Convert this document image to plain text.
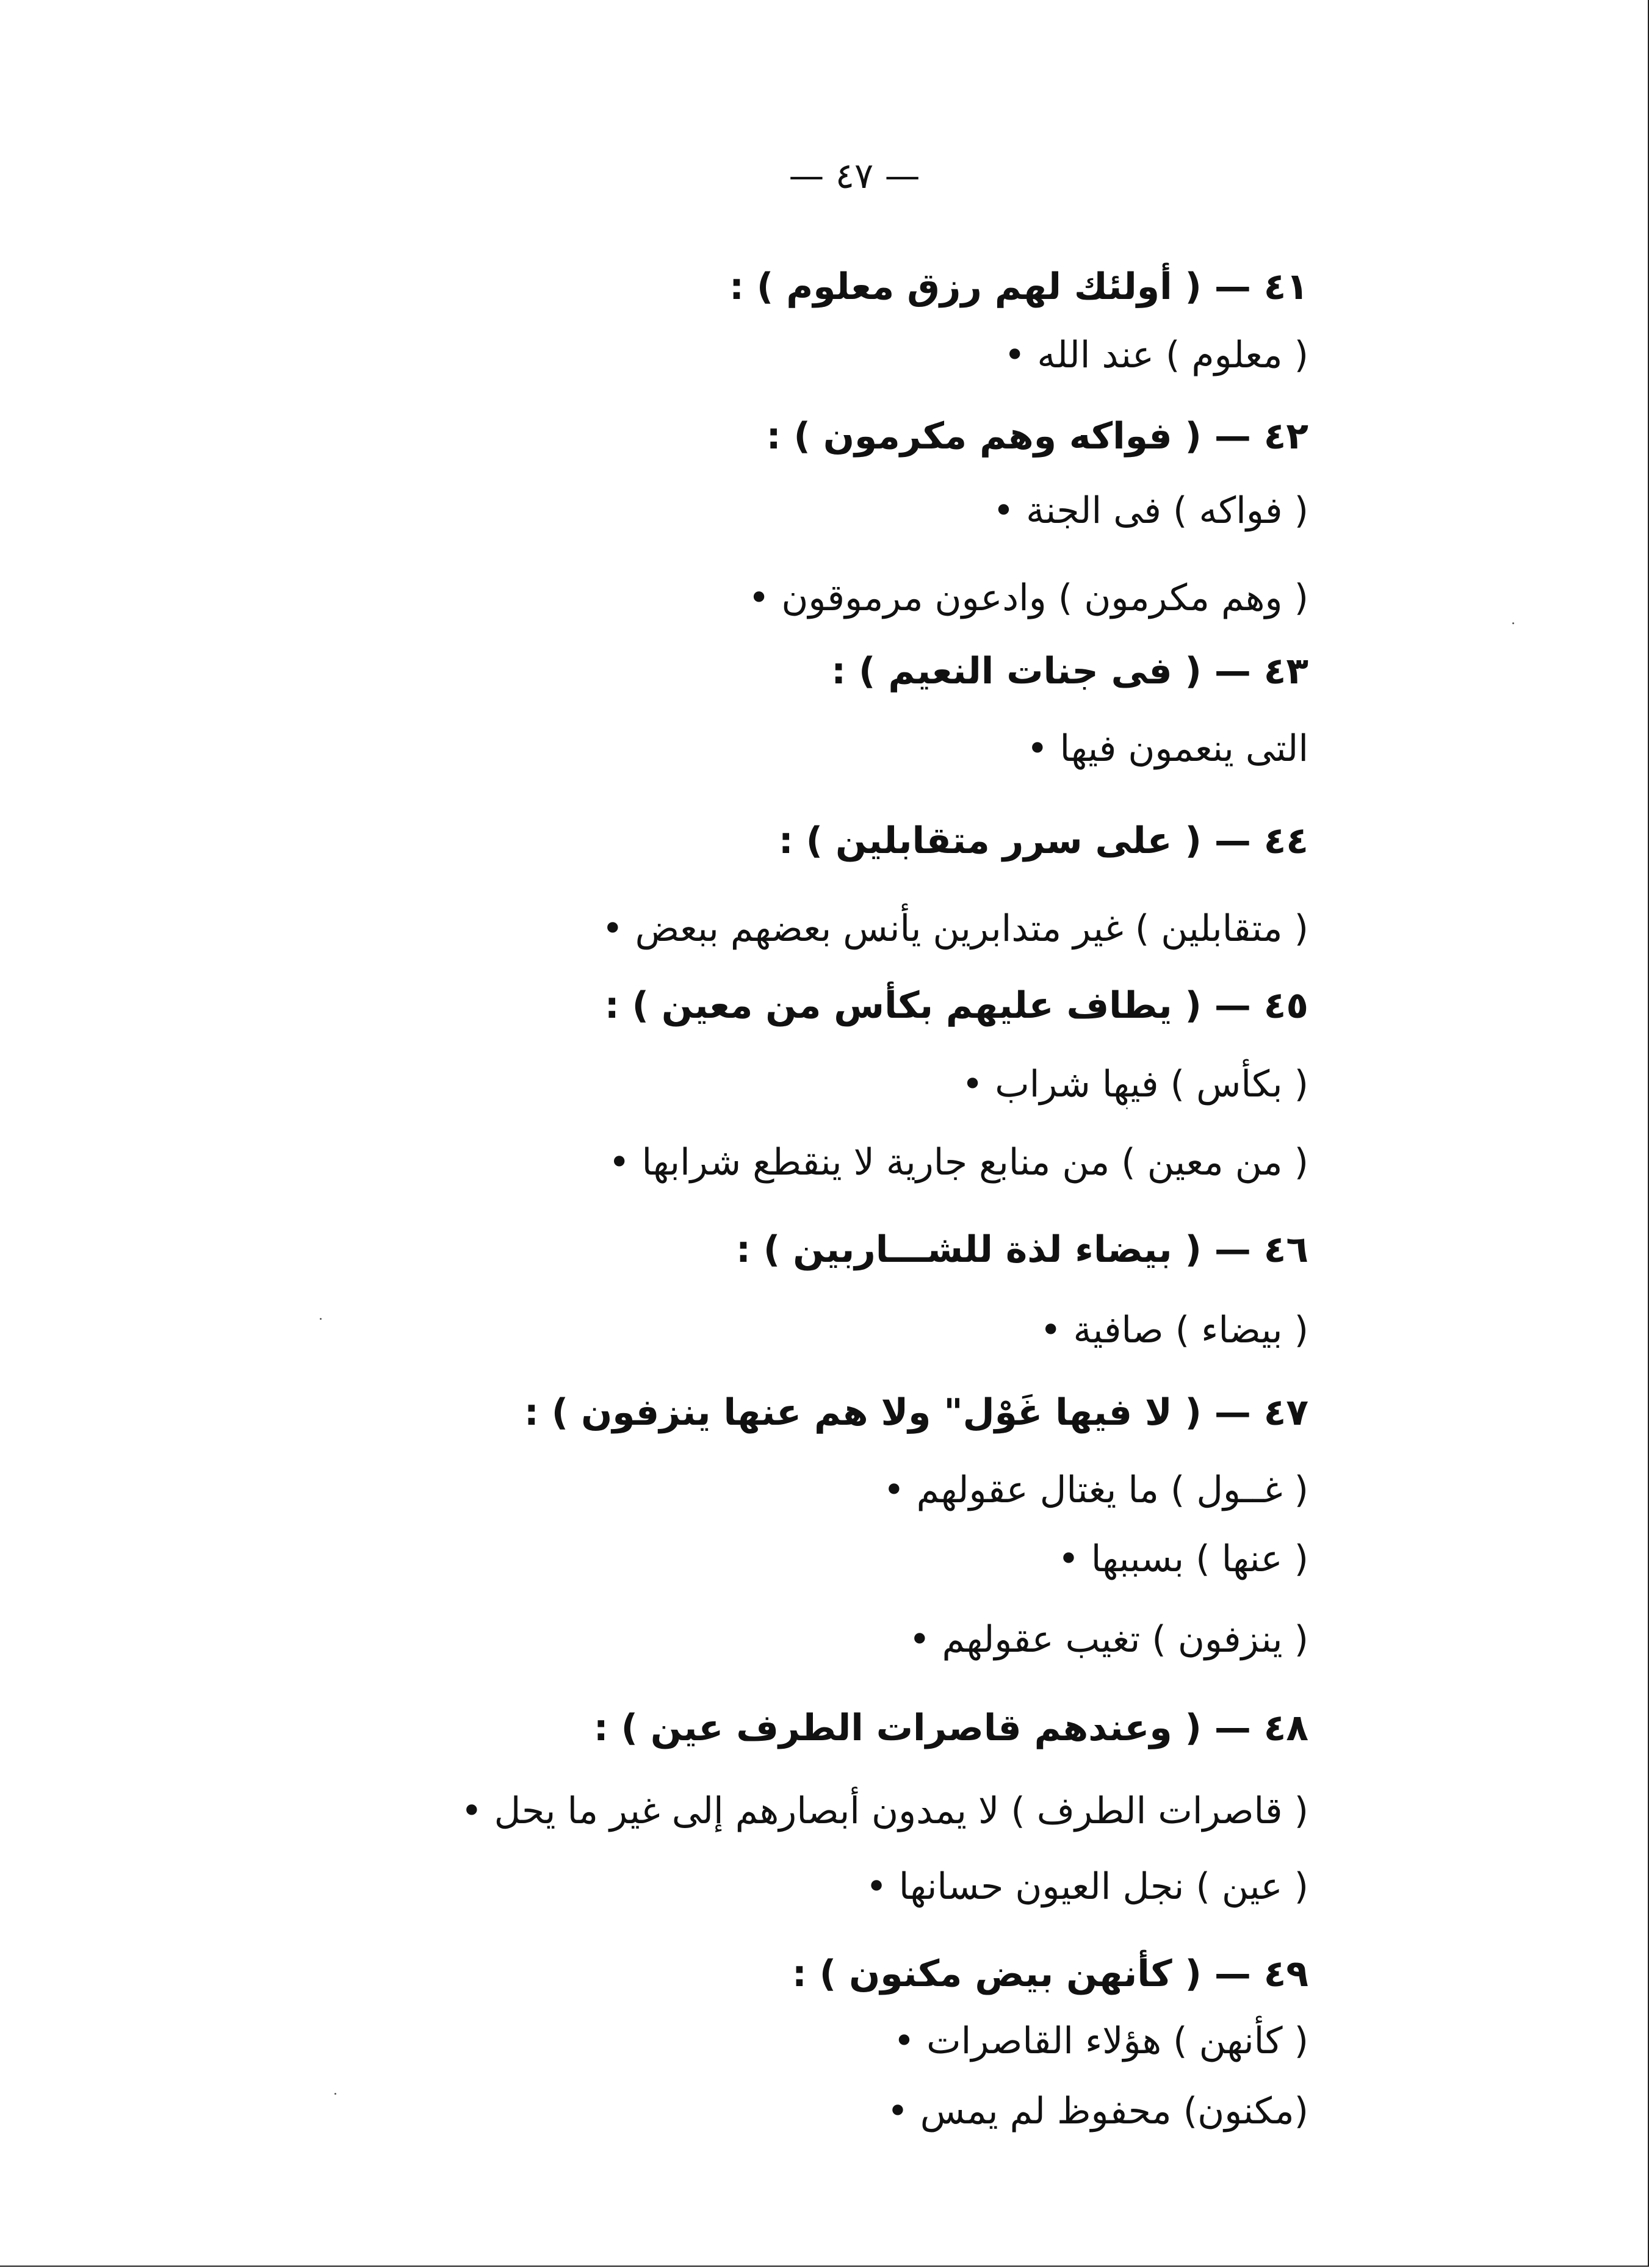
— ٤٧ —
٤١ — ( أولئك لهم رزق معلوم ) :
( معلوم ) عند الله •
٤٢ — ( فواكه وهم مكرمون ) :
( فواكه ) فى الجنة •
( وهم مكرمون ) وادعون مرموقون •
٤٣ — ( فى جنات النعيم ) :
التى ينعمون فيها •
٤٤ — ( على سرر متقابلين ) :
( متقابلين ) غير متدابرين يأنس بعضهم ببعض •
٤٥ — ( يطاف عليهم بكأس من معين ) :
( بكأس ) فيها شراب •
( من معين ) من منابع جارية لا ينقطع شرابها •
٤٦ — ( بيضاء لذة للشـــاربين ) :
( بيضاء ) صافية •
٤٧ — ( لا فيها غَوْل" ولا هم عنها ينزفون ) :
( غــول ) ما يغتال عقولهم •
( عنها ) بسببها •
( ينزفون ) تغيب عقولهم •
٤٨ — ( وعندهم قاصرات الطرف عين ) :
( قاصرات الطرف ) لا يمدون أبصارهم إلى غير ما يحل •
( عين ) نجل العيون حسانها •
٤٩ — ( كأنهن بيض مكنون ) :
( كأنهن ) هؤلاء القاصرات •
(مكنون) محفوظ لم يمس •
